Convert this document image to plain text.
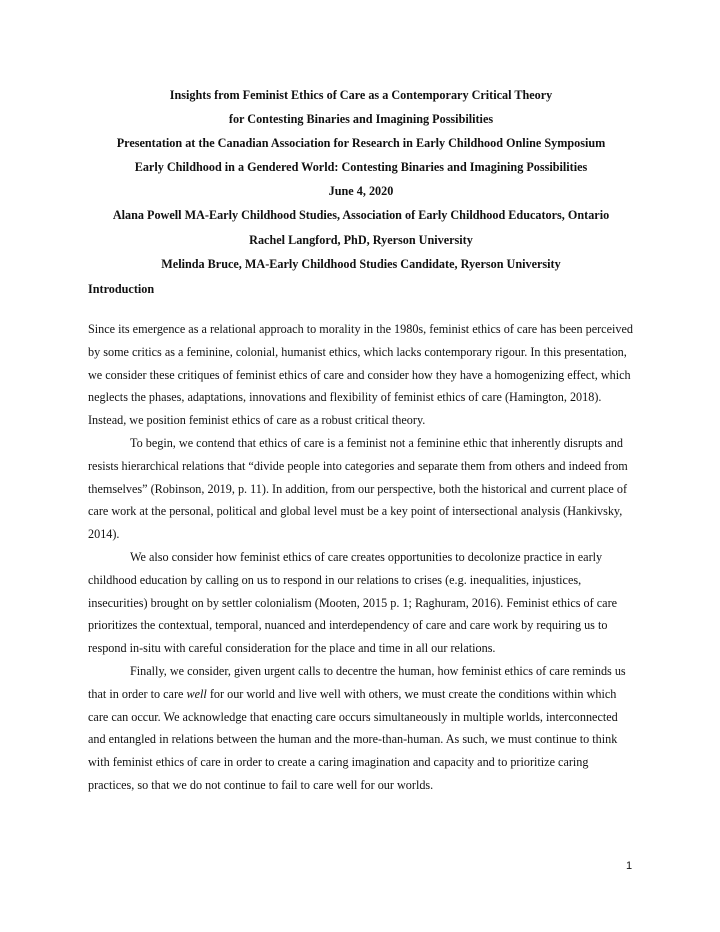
Insights from Feminist Ethics of Care as a Contemporary Critical Theory
for Contesting Binaries and Imagining Possibilities
Presentation at the Canadian Association for Research in Early Childhood Online Symposium
Early Childhood in a Gendered World: Contesting Binaries and Imagining Possibilities
June 4, 2020
Alana Powell MA-Early Childhood Studies, Association of Early Childhood Educators, Ontario
Rachel Langford, PhD, Ryerson University
Melinda Bruce, MA-Early Childhood Studies Candidate, Ryerson University
Introduction

Since its emergence as a relational approach to morality in the 1980s, feminist ethics of care has been perceived by some critics as a feminine, colonial, humanist ethics, which lacks contemporary rigour. In this presentation, we consider these critiques of feminist ethics of care and consider how they have a homogenizing effect, which neglects the phases, adaptations, innovations and flexibility of feminist ethics of care (Hamington, 2018). Instead, we position feminist ethics of care as a robust critical theory.

To begin, we contend that ethics of care is a feminist not a feminine ethic that inherently disrupts and resists hierarchical relations that “divide people into categories and separate them from others and indeed from themselves” (Robinson, 2019, p. 11). In addition, from our perspective, both the historical and current place of care work at the personal, political and global level must be a key point of intersectional analysis (Hankivsky, 2014).

We also consider how feminist ethics of care creates opportunities to decolonize practice in early childhood education by calling on us to respond in our relations to crises (e.g. inequalities, injustices, insecurities) brought on by settler colonialism (Mooten, 2015 p. 1; Raghuram, 2016). Feminist ethics of care prioritizes the contextual, temporal, nuanced and interdependency of care and care work by requiring us to respond in-situ with careful consideration for the place and time in all our relations.

Finally, we consider, given urgent calls to decentre the human, how feminist ethics of care reminds us that in order to care well for our world and live well with others, we must create the conditions within which care can occur. We acknowledge that enacting care occurs simultaneously in multiple worlds, interconnected and entangled in relations between the human and the more-than-human. As such, we must continue to think with feminist ethics of care in order to create a caring imagination and capacity and to prioritize caring practices, so that we do not continue to fail to care well for our worlds.

1
